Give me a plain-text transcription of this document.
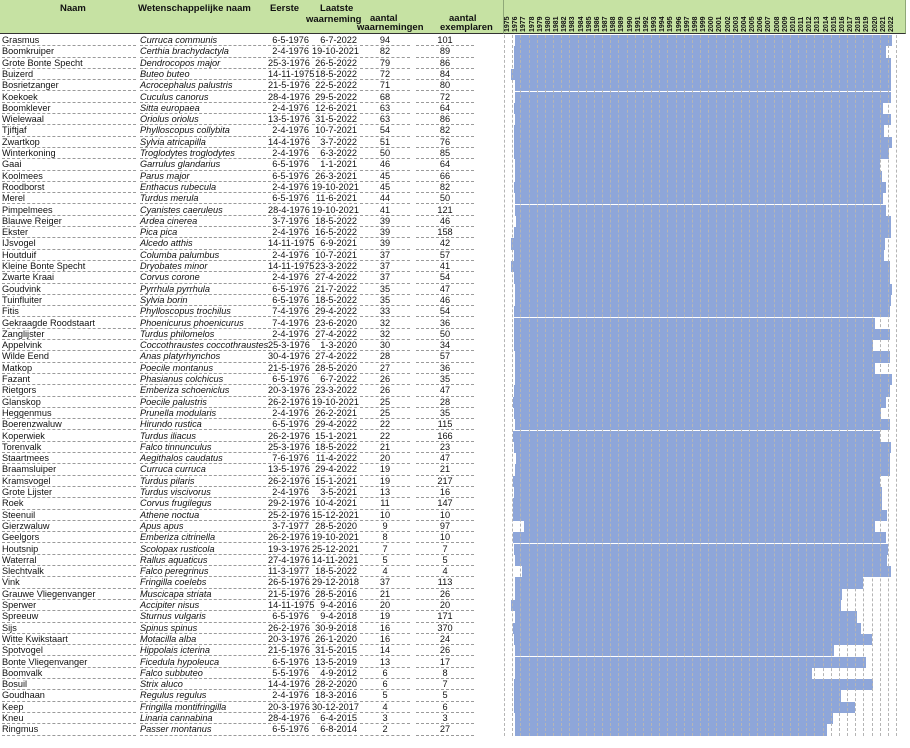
Naam	Wetenschappelijke naam Eerste Laatste
waarneming aantal
waarnemingen
aantal
exemplaren 1975 1976 1977 1978 1979 1980 1981 1982 1983 1984 1985 1986 1987 1988 1989 1990 1991 1992 1993 1994 1995 1996 1997 1998 1999 2000 2001 2002 2003 2004 2005 2006 2007 2008 2009 2010 2011 2012 2013 2014 2015 2016 2017 2018 2019 2020 2021 2022
Grasmus	Curruca communis	6-5-1976	6-7-2022	94	101
Boomkruiper	Certhia brachydactyla	2-4-1976 19-10-2021	82	89
Grote Bonte Specht	Dendrocopos major	25-3-1976 26-5-2022	79	86
Buizerd	Buteo buteo	14-11-1975 18-5-2022	72	84
Bosrietzanger	Acrocephalus palustris	21-5-1976 22-5-2022	71	80
Koekoek	Cuculus canorus	28-4-1976 29-5-2022	68	72
Boomklever	Sitta europaea	2-4-1976 12-6-2021	63	64
Wielewaal	Oriolus oriolus	13-5-1976 31-5-2022	63	86
Tjiftjaf	Phylloscopus collybita	2-4-1976 10-7-2021	54	82
Zwartkop	Sylvia atricapilla	14-4-1976	3-7-2022	51	76
Winterkoning	Troglodytes troglodytes	2-4-1976	6-3-2022	50	85
Gaai	Garrulus glandarius	6-5-1976	1-1-2021	46	64
Koolmees	Parus major	6-5-1976 26-3-2021	45	66
Roodborst	Enthacus rubecula	2-4-1976 19-10-2021	45	82
Merel	Turdus merula	6-5-1976 11-6-2021	44	50
Pimpelmees	Cyanistes caeruleus	28-4-1976 19-10-2021	41	121
Blauwe Reiger	Ardea cinerea	3-7-1976 18-5-2022	39	46
Ekster	Pica pica	2-4-1976 16-5-2022	39	158
IJsvogel	Alcedo atthis	14-11-1975 6-9-2021	39	42
Houtduif	Columba palumbus	2-4-1976 10-7-2021	37	57
Kleine Bonte Specht	Dryobates minor	14-11-1975 23-3-2022	37	41
Zwarte Kraai	Corvus corone	2-4-1976 27-4-2022	37	54
Goudvink	Pyrrhula pyrrhula	6-5-1976 21-7-2022	35	47
Tuinfluiter	Sylvia borin	6-5-1976 18-5-2022	35	46
Fitis	Phylloscopus trochilus	7-4-1976 29-4-2022	33	54
Gekraagde Roodstaart	Phoenicurus phoenicurus	7-4-1976 23-6-2020	32	36
Zanglijster	Turdus philomelos	2-4-1976 27-4-2022	32	50
Appelvink	Coccothraustes coccothraustes 25-3-1976	1-3-2020	30	34
Wilde Eend	Anas platyrhynchos	30-4-1976 27-4-2022	28	57
Matkop	Poecile montanus	21-5-1976 28-5-2020	27	36
Fazant	Phasianus colchicus	6-5-1976	6-7-2022	26	35
Rietgors	Emberiza schoeniclus	20-3-1976 23-3-2022	26	47
Glanskop	Poecile palustris	26-2-1976 19-10-2021	25	28
Heggenmus	Prunella modularis	2-4-1976 26-2-2021	25	35
Boerenzwaluw	Hirundo rustica	6-5-1976 29-4-2022	22	115
Koperwiek	Turdus iliacus	26-2-1976 15-1-2021	22	166
Torenvalk	Falco tinnunculus	25-3-1976 18-5-2022	21	23
Staartmees	Aegithalos caudatus	7-6-1976 11-4-2022	20	47
Braamsluiper	Curruca curruca	13-5-1976 29-4-2022	19	21
Kramsvogel	Turdus pilaris	26-2-1976 15-1-2021	19	217
Grote Lijster	Turdus viscivorus	2-4-1976	3-5-2021	13	16
Roek	Corvus frugilegus	29-2-1976 10-4-2021	11	147
Steenuil	Athene noctua	25-2-1976 15-12-2021	10	10
Gierzwaluw	Apus apus	3-7-1977 28-5-2020	9	97
Geelgors	Emberiza citrinella	26-2-1976 19-10-2021	8	10
Houtsnip	Scolopax rusticola	19-3-1976 25-12-2021	7	7
Waterral	Rallus aquaticus	27-4-1976 14-11-2021	5	5
Slechtvalk	Falco peregrinus	11-3-1977 18-5-2022	4	4
Vink	Fringilla coelebs	26-5-1976 29-12-2018	37	113
Grauwe Vliegenvanger	Muscicapa striata	21-5-1976 28-5-2016	21	26
Sperwer	Accipiter nisus	14-11-1975 9-4-2016	20	20
Spreeuw	Sturnus vulgaris	6-5-1976	9-4-2018	19	171
Sijs	Spinus spinus	26-2-1976 30-9-2018	16	370
Witte Kwikstaart	Motacilla alba	20-3-1976 26-1-2020	16	24
Spotvogel	Hippolais icterina	21-5-1976 31-5-2015	14	26
Bonte Vliegenvanger	Ficedula hypoleuca	6-5-1976 13-5-2019	13	17
Boomvalk	Falco subbuteo	5-5-1976	4-9-2012	6	8
Bosuil	Strix aluco	14-4-1976 28-2-2020	6	7
Goudhaan	Regulus regulus	2-4-1976 18-3-2016	5	5
Keep	Fringilla montifringilla	20-3-1976 30-12-2017	4	6
Kneu	Linaria cannabina	28-4-1976	6-4-2015	3	3
Ringmus	Passer montanus	6-5-1976	6-8-2014	2	27
